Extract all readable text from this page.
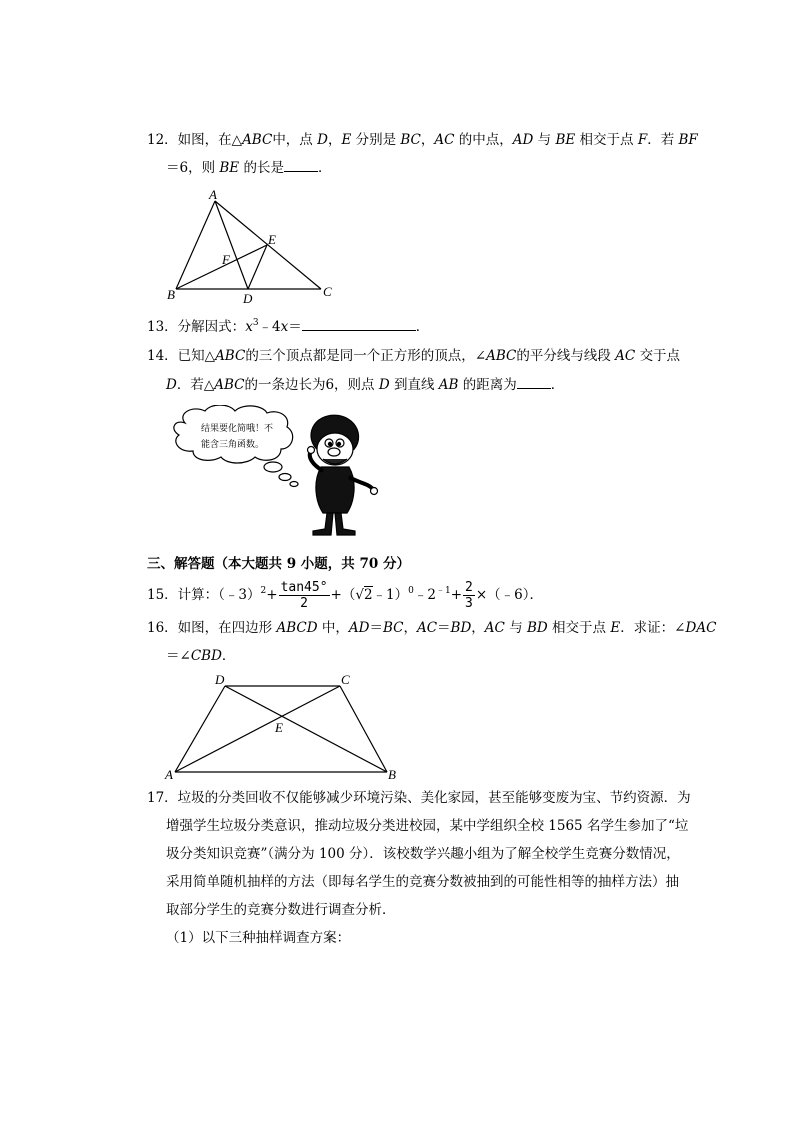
12．如图，在△ABC中，点 D，E 分别是 BC，AC 的中点，AD 与 BE 相交于点 F．若 BF
＝6，则 BE 的长是	．
A
B	C
D
E
F
13．分解因式：$x^3﹣4x=$	．
14．已知△ABC的三个顶点都是同一个正方形的顶点，∠ABC的平分线与线段 AC 交于点
D．若△ABC的一条边长为6，则点 D 到直线 AB 的距离为	．
结果要化简哦！不
能含三角函数。
三、解答题（本大题共 9 小题，共 70 分）
15．计算：（﹣3）$^2$+ $\frac{\tan 45^\circ}{2}$ $+(√2﹣1)^0﹣2^{﹣1}+ \frac{2}{3}$ ×（﹣6）．
16．如图，在四边形 ABCD 中，AD＝BC，AC＝BD，AC 与 BD 相交于点 E．求证：∠DAC
＝∠CBD．
D	C
A	B
E
17．垃圾的分类回收不仅能够减少环境污染、美化家园，甚至能够变废为宝、节约资源．为
增强学生垃圾分类意识，推动垃圾分类进校园，某中学组织全校 1565 名学生参加了“垃
圾分类知识竞赛”（满分为 100 分）．该校数学兴趣小组为了解全校学生竞赛分数情况，
采用简单随机抽样的方法（即每名学生的竞赛分数被抽到的可能性相等的抽样方法）抽
取部分学生的竞赛分数进行调查分析．
（1）以下三种抽样调查方案：
